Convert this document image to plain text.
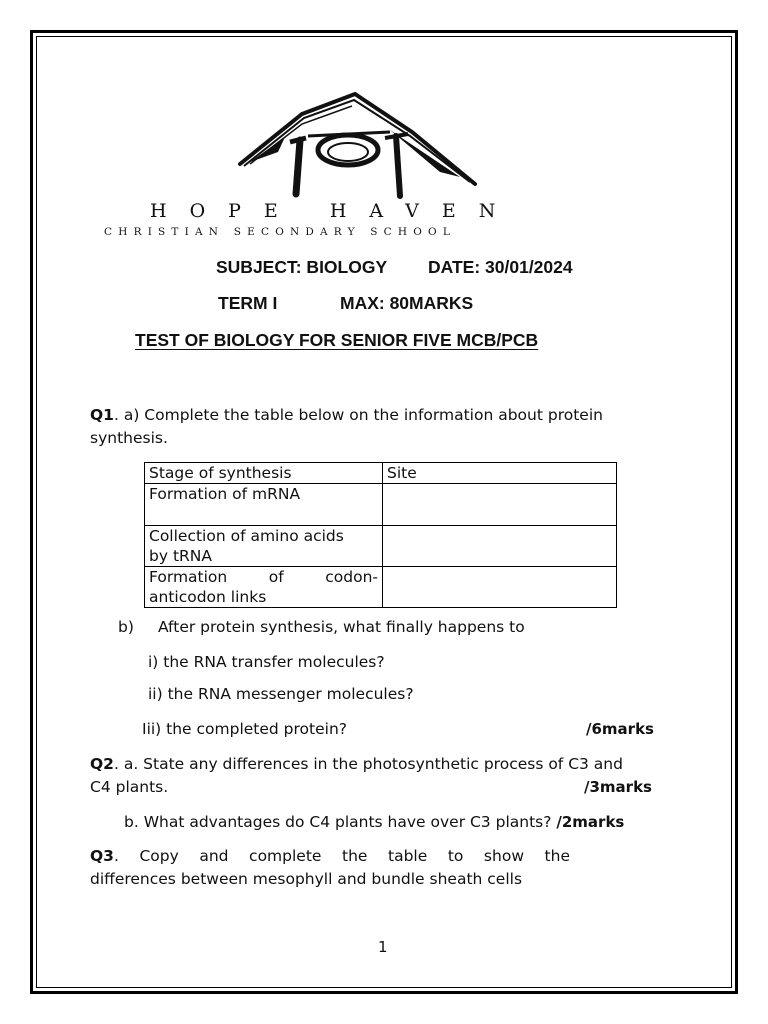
HOPE HAVEN
CHRISTIAN SECONDARY SCHOOL
SUBJECT: BIOLOGY DATE: 30/01/2024
TERM I	MAX: 80MARKS
TEST OF BIOLOGY FOR SENIOR FIVE MCB/PCB
Q1. a) Complete the table below on the information about protein
synthesis.
Stage of synthesis	Site
Formation of mRNA	

Collection of amino acids
by tRNA	

Formation of codon-
anticodon links	

b) After protein synthesis, what finally happens to
i) the RNA transfer molecules?
ii) the RNA messenger molecules?
Iii) the completed protein?	/6marks
Q2. a. State any differences in the photosynthetic process of C3 and
C4 plants.	/3marks
b. What advantages do C4 plants have over C3 plants? /2marks
Q3. Copy and complete the table to show the
differences between mesophyll and bundle sheath cells
1
